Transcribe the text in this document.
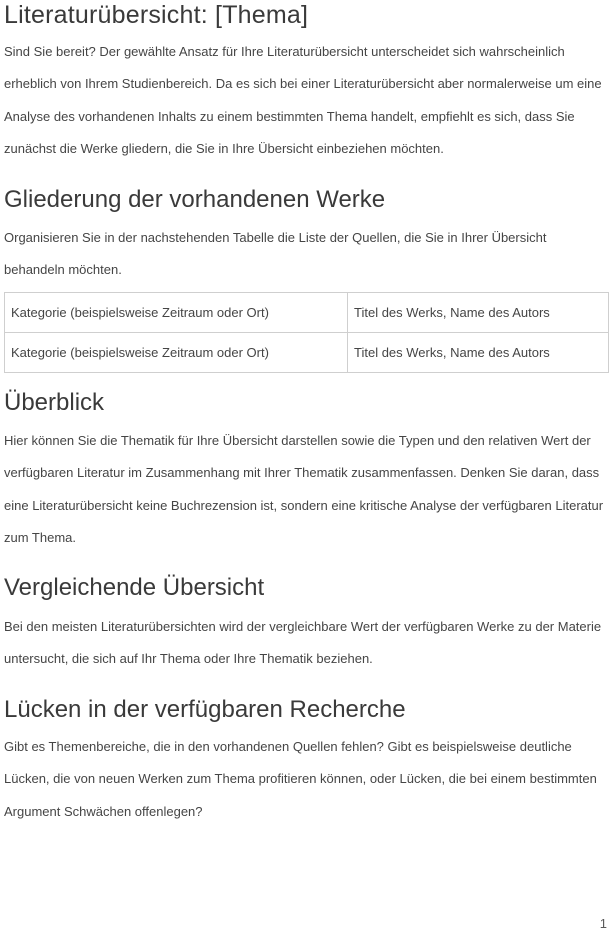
Literaturübersicht: [Thema]

Sind Sie bereit? Der gewählte Ansatz für Ihre Literaturübersicht unterscheidet sich wahrscheinlich erheblich von Ihrem Studienbereich. Da es sich bei einer Literaturübersicht aber normalerweise um eine Analyse des vorhandenen Inhalts zu einem bestimmten Thema handelt, empfiehlt es sich, dass Sie zunächst die Werke gliedern, die Sie in Ihre Übersicht einbeziehen möchten.

Gliederung der vorhandenen Werke

Organisieren Sie in der nachstehenden Tabelle die Liste der Quellen, die Sie in Ihrer Übersicht behandeln möchten.

Kategorie (beispielsweise Zeitraum oder Ort)	Titel des Werks, Name des Autors
Kategorie (beispielsweise Zeitraum oder Ort)	Titel des Werks, Name des Autors
Überblick

Hier können Sie die Thematik für Ihre Übersicht darstellen sowie die Typen und den relativen Wert der verfügbaren Literatur im Zusammenhang mit Ihrer Thematik zusammenfassen. Denken Sie daran, dass eine Literaturübersicht keine Buchrezension ist, sondern eine kritische Analyse der verfügbaren Literatur zum Thema.

Vergleichende Übersicht

Bei den meisten Literaturübersichten wird der vergleichbare Wert der verfügbaren Werke zu der Materie untersucht, die sich auf Ihr Thema oder Ihre Thematik beziehen.

Lücken in der verfügbaren Recherche

Gibt es Themenbereiche, die in den vorhandenen Quellen fehlen? Gibt es beispielsweise deutliche Lücken, die von neuen Werken zum Thema profitieren können, oder Lücken, die bei einem bestimmten Argument Schwächen offenlegen?

1
